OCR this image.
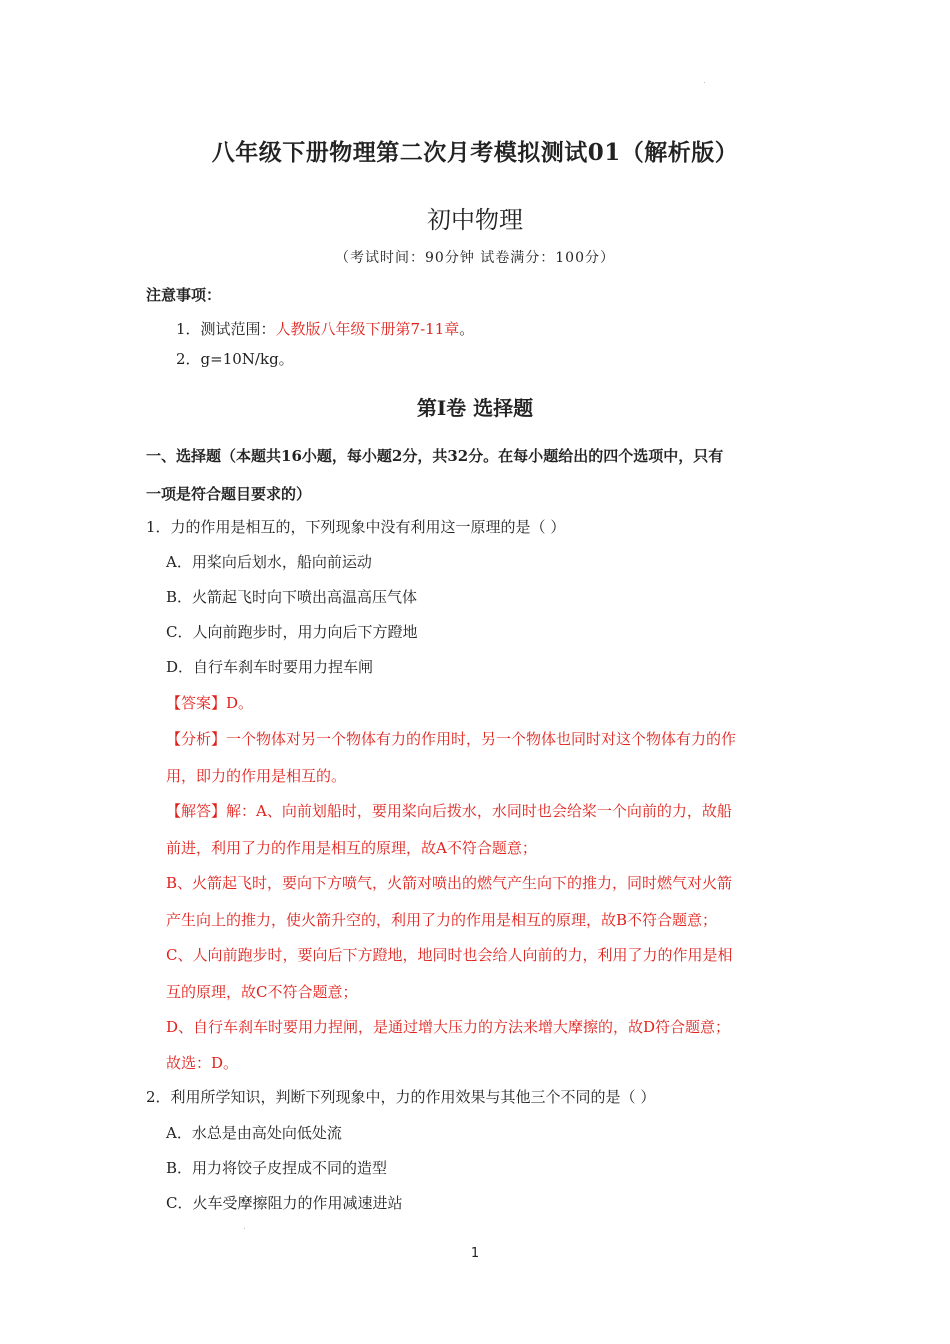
八年级下册物理第二次月考模拟测试01（解析版）
初中物理
（考试时间：90分钟 试卷满分：100分）
注意事项：
1．测试范围：人教版八年级下册第7-11章。
2．g=10N/kg。
第Ⅰ卷 选择题
一、选择题（本题共16小题，每小题2分，共32分。在每小题给出的四个选项中，只有
一项是符合题目要求的）
1．力的作用是相互的，下列现象中没有利用这一原理的是（ ）
A．用桨向后划水，船向前运动
B．火箭起飞时向下喷出高温高压气体
C．人向前跑步时，用力向后下方蹬地
D．自行车刹车时要用力捏车闸
【答案】D。
【分析】一个物体对另一个物体有力的作用时，另一个物体也同时对这个物体有力的作
用，即力的作用是相互的。
【解答】解：A、向前划船时，要用桨向后拨水，水同时也会给桨一个向前的力，故船
前进，利用了力的作用是相互的原理，故A不符合题意；
B、火箭起飞时，要向下方喷气，火箭对喷出的燃气产生向下的推力，同时燃气对火箭
产生向上的推力，使火箭升空的，利用了力的作用是相互的原理，故B不符合题意；
C、人向前跑步时，要向后下方蹬地，地同时也会给人向前的力，利用了力的作用是相
互的原理，故C不符合题意；
D、自行车刹车时要用力捏闸，是通过增大压力的方法来增大摩擦的，故D符合题意；
故选：D。
2．利用所学知识，判断下列现象中，力的作用效果与其他三个不同的是（ ）
A．水总是由高处向低处流
B．用力将饺子皮捏成不同的造型
C．火车受摩擦阻力的作用减速进站
1
